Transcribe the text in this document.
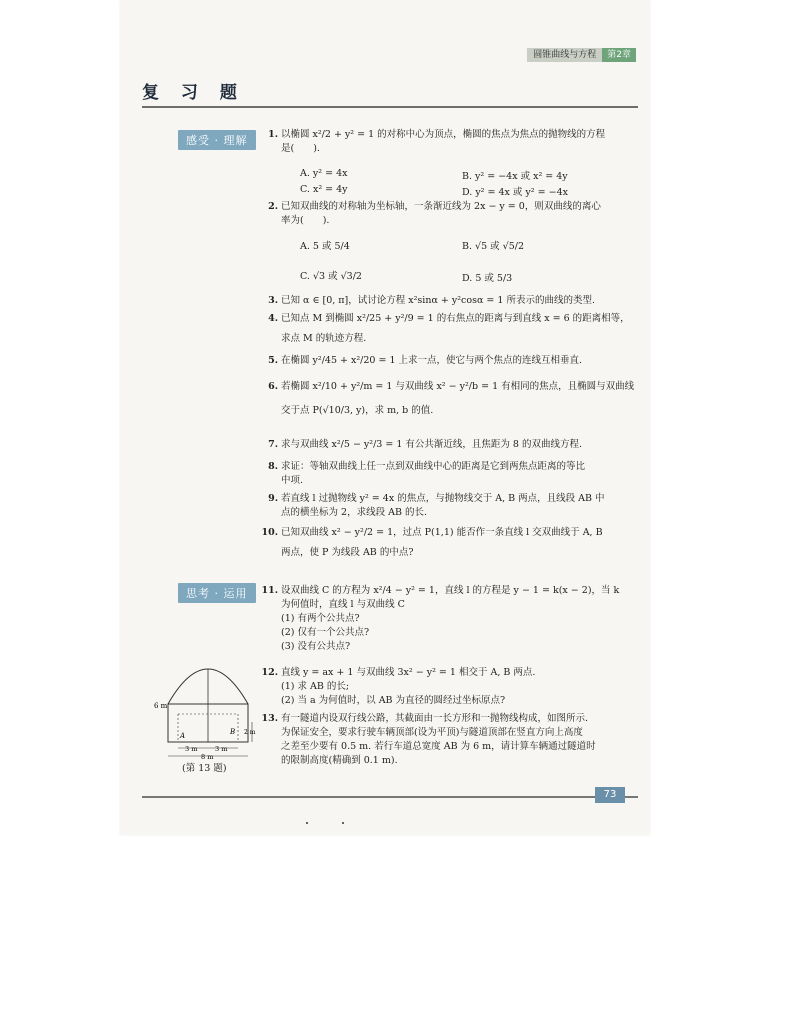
圆锥曲线与方程	第2章
复 习 题
感受 · 理解
思考 · 运用
1. 以椭圆 x²/2 + y² = 1 的对称中心为顶点，椭圆的焦点为焦点的抛物线的方程
是(　　).
A. y² = 4x	B. y² = −4x 或 x² = 4y
C. x² = 4y	D. y² = 4x 或 y² = −4x
2. 已知双曲线的对称轴为坐标轴，一条渐近线为 2x − y = 0，则双曲线的离心
率为(　　).
A. 5 或 5/4	B. √5 或 √5/2
C. √3 或 √3/2	D. 5 或 5/3
3. 已知 α ∈ [0, π]，试讨论方程 x²sinα + y²cosα = 1 所表示的曲线的类型.
4. 已知点 M 到椭圆 x²/25 + y²/9 = 1 的右焦点的距离与到直线 x = 6 的距离相等，
求点 M 的轨迹方程.
5. 在椭圆 y²/45 + x²/20 = 1 上求一点，使它与两个焦点的连线互相垂直.
6. 若椭圆 x²/10 + y²/m = 1 与双曲线 x² − y²/b = 1 有相同的焦点，且椭圆与双曲线
交于点 P(√10/3, y)，求 m, b 的值.
7. 求与双曲线 x²/5 − y²/3 = 1 有公共渐近线，且焦距为 8 的双曲线方程.
8. 求证：等轴双曲线上任一点到双曲线中心的距离是它到两焦点距离的等比
中项.
9. 若直线 l 过抛物线 y² = 4x 的焦点，与抛物线交于 A, B 两点，且线段 AB 中
点的横坐标为 2，求线段 AB 的长.
10. 已知双曲线 x² − y²/2 = 1，过点 P(1,1) 能否作一条直线 l 交双曲线于 A, B
两点，使 P 为线段 AB 的中点?
11. 设双曲线 C 的方程为 x²/4 − y² = 1，直线 l 的方程是 y − 1 = k(x − 2)，当 k
为何值时，直线 l 与双曲线 C
(1) 有两个公共点?
(2) 仅有一个公共点?
(3) 没有公共点?
12. 直线 y = ax + 1 与双曲线 3x² − y² = 1 相交于 A, B 两点.
(1) 求 AB 的长;
(2) 当 a 为何值时，以 AB 为直径的圆经过坐标原点?
13. 有一隧道内设双行线公路，其截面由一长方形和一抛物线构成，如图所示.
为保证安全，要求行驶车辆顶部(设为平顶)与隧道顶部在竖直方向上高度
之差至少要有 0.5 m. 若行车道总宽度 AB 为 6 m，请计算车辆通过隧道时
的限制高度(精确到 0.1 m).
6 m
2 m
A	B
3 m	3 m
8 m
(第 13 题)
73
